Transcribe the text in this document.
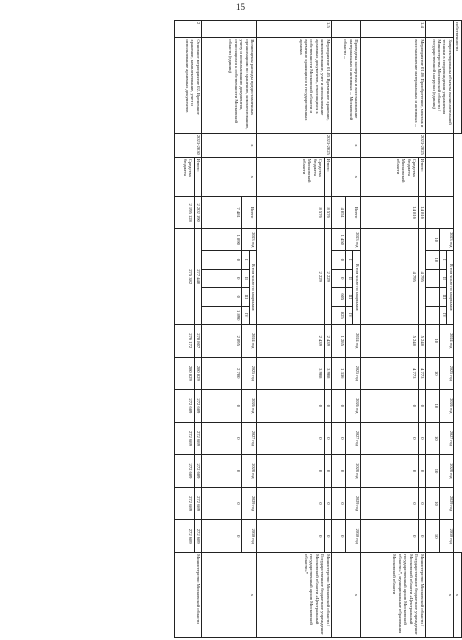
15
собственности																	x
	Запроектированы объекты вычислительной техники в сопровождении управления Министерства Московской области / государственной нагрузки (единиц)				2023 год	В том числе по кварталам:				2024 год	2025 год	2026 год	2027 год	2028 год	2029 год	2030 год	x
						I	II	III	IV								
					10	10				10	10	10	10	10	10	10	
1.4	Мероприятие 01.06 Приобретение, монтаж и восстановление материальных и активных ...	2023-2025	Итого:	14 816	4 795					5 248	4 773	0	0	0	0	0	Министерство Московской области / Государственное бюджетное учреждение Московской области «Центральный государственный архив Московской области»*, муниципальные образования Московской области
			Средства бюджета Московской области	14 816	4 795					5 248	4 773	0	0	0	0	0	
	Проведена экспертиза и восстановление материальных и активных ... Московской области ...	x	x	Всего	2023 год	В том числе по кварталам:				2024 год	2025 год	2026 год	2027 год	2028 год	2029 год	2030 год	x
						I	II	III	IV								
				4 051	1 450	0	0	605	825	1 285	1 336	0	0	0	0	0	
1.5	Мероприятие 01.05 Временное хранение, комплектование, учет и использование архивных документов, относящихся к собственности Московской области и временно хранящихся в государственных архивах	2023-2025	Итого:	8 576	2 229					2 439	3 908	0	0	0	0	0	Министерство Московской области / Государственное бюджетное учреждение Московской области «Центральный государственный архив Московской области»*
			Средства бюджета Московской области	8 576	2 229					2 439	3 908	0	0	0	0	0	
	Возмещены расходы предоставленных организациям по хранению, комплектованию, учету и использованию документов, относящихся к собственности Московской области (единиц)	x	x	Всего	2023 год	В том числе по кварталам:				2024 год	2025 год	2026 год	2027 год	2028 год	2029 год	2030 год	x
						I	II	III	IV								
				7 481	1 890	0	0	0	1 890	2 895	2 700	0	0	0	0	0	
2	Основное мероприятие 02. Временное хранение, комплектование, учет и использование архивных документов	2023-2030	Итого:	2 202 190	277 440					278 807	280 829	272 689	272 689	272 689	272 689	272 689	Министерство Московской области
			Средства бюджета	2 195 128	275 382					276 172	280 829	272 689	272 689	272 689	272 689	272 689	
